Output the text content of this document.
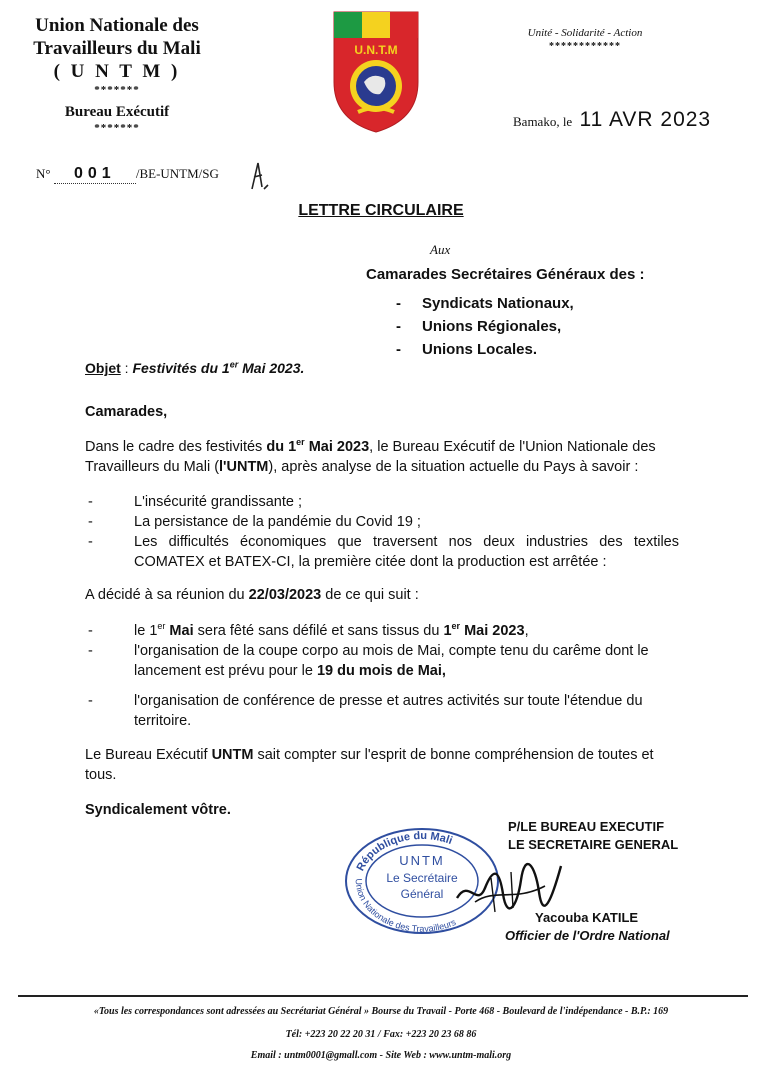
Union Nationale des
Travailleurs du Mali
( U N T M )
*******
Bureau Exécutif
*******
U.N.T.M
Unité - Solidarité - Action
************
Bamako, le 11 AVR 2023
N° 001 /BE-UNTM/SG
LETTRE CIRCULAIRE
Aux
Camarades Secrétaires Généraux des :
- Syndicats Nationaux,
- Unions Régionales,
- Unions Locales.
Objet : Festivités du 1er Mai 2023.
Camarades,
Dans le cadre des festivités du 1er Mai 2023, le Bureau Exécutif de l'Union Nationale des Travailleurs du Mali (l'UNTM), après analyse de la situation actuelle du Pays à savoir :
-	L'insécurité grandissante ;
-	La persistance de la pandémie du Covid 19 ;
-	Les difficultés économiques que traversent nos deux industries des textiles COMATEX et BATEX-CI, la première citée dont la production est arrêtée :
A décidé à sa réunion du 22/03/2023 de ce qui suit :
-	le 1er Mai sera fêté sans défilé et sans tissus du 1er Mai 2023,
-	l'organisation de la coupe corpo au mois de Mai, compte tenu du carême dont le lancement est prévu pour le 19 du mois de Mai,
-	l'organisation de conférence de presse et autres activités sur toute l'étendue du territoire.
Le Bureau Exécutif UNTM sait compter sur l'esprit de bonne compréhension de toutes et tous.
Syndicalement vôtre.
P/LE BUREAU EXECUTIF
LE SECRETAIRE GENERAL
République du Mali
Union Nationale des Travailleurs
UNTM
Le Secrétaire
Général
Yacouba KATILE
Officier de l'Ordre National
«Tous les correspondances sont adressées au Secrétariat Général » Bourse du Travail - Porte 468 - Boulevard de l'indépendance - B.P.: 169
Tél: +223 20 22 20 31 / Fax: +223 20 23 68 86
Email : untm0001@gmall.com - Site Web : www.untm-mali.org
